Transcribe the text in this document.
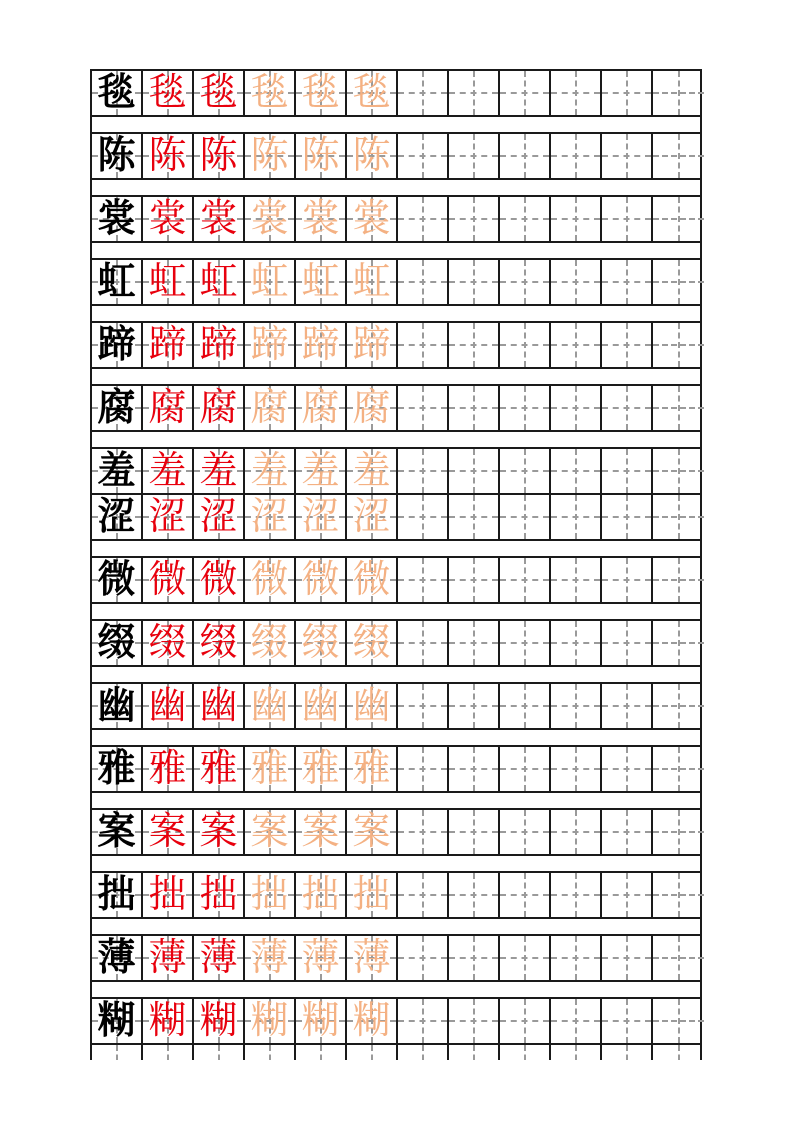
毯 毯 毯 毯 毯 毯
陈 陈 陈 陈 陈 陈
裳 裳 裳 裳 裳 裳
虹 虹 虹 虹 虹 虹
蹄 蹄 蹄 蹄 蹄 蹄
腐 腐 腐 腐 腐 腐
羞 羞 羞 羞 羞 羞
涩 涩 涩 涩 涩 涩
微 微 微 微 微 微
缀 缀 缀 缀 缀 缀
幽 幽 幽 幽 幽 幽
雅 雅 雅 雅 雅 雅
案 案 案 案 案 案
拙 拙 拙 拙 拙 拙
薄 薄 薄 薄 薄 薄
糊 糊 糊 糊 糊 糊
